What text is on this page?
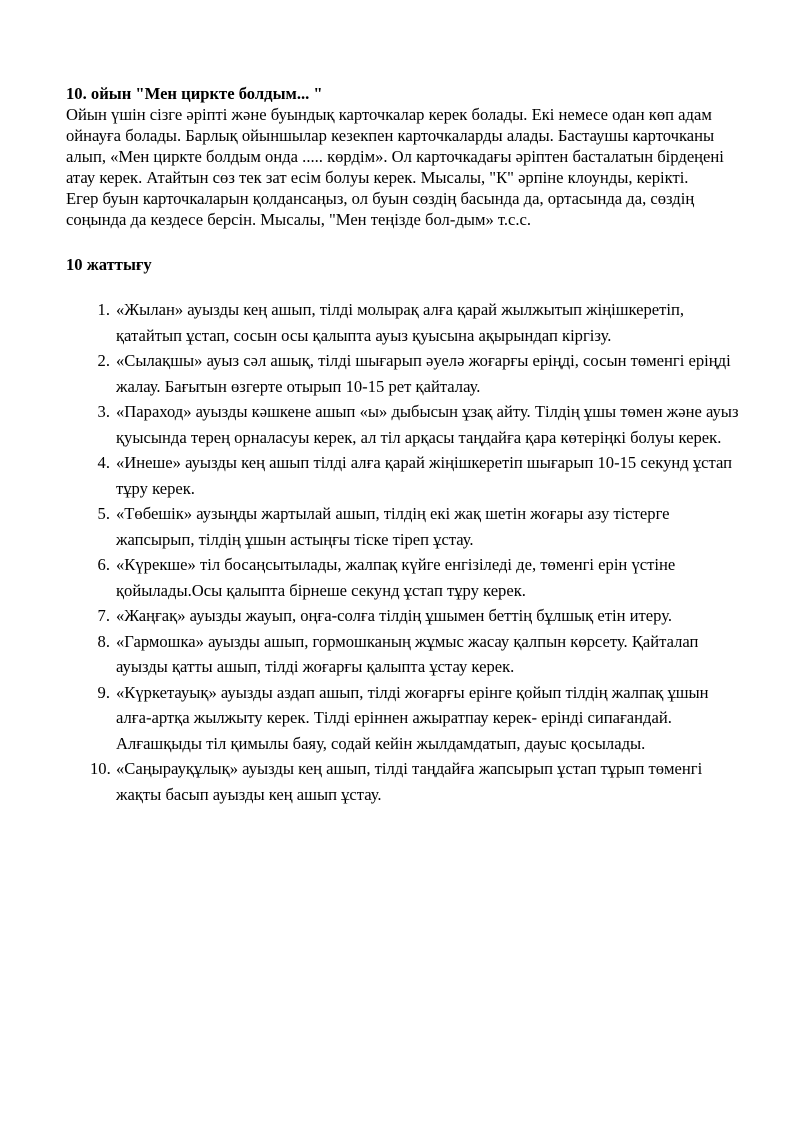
10. ойын "Мен циркте болдым... "

Ойын үшін сізге әріпті және буындық карточкалар керек болады. Екі немесе одан көп адам ойнауға болады. Барлық ойыншылар кезекпен карточкаларды алады. Бастаушы карточканы алып, «Мен циркте болдым онда ..... көрдім». Ол карточкадағы әріптен басталатын бірдеңені атау керек. Атайтын сөз тек зат есім болуы керек. Мысалы, "К" әрпіне клоунды, керікті.

Егер буын карточкаларын қолдансаңыз, ол буын сөздің басында да, ортасында да, сөздің соңында да кездесе берсін. Мысалы, "Мен теңізде бол-дым» т.с.с.

10 жаттығу

1. «Жылан» ауызды кең ашып, тілді молырақ алға қарай жылжытып жіңішкеретіп, қатайтып ұстап, сосын осы қалыпта ауыз қуысына ақырындап кіргізу.
2. «Сылақшы» ауыз сәл ашық, тілді шығарып әуелә жоғарғы еріңді, сосын төменгі еріңді жалау. Бағытын өзгерте отырып 10-15 рет қайталау.
3. «Параход» ауызды кәшкене ашып «ы» дыбысын ұзақ айту. Тілдің ұшы төмен және ауыз қуысында терең орналасуы керек, ал тіл арқасы таңдайға қара көтеріңкі болуы керек.
4. «Инеше» ауызды кең ашып тілді алға қарай жіңішкеретіп шығарып 10-15 секунд ұстап тұру керек.
5. «Төбешік» аузыңды жартылай ашып, тілдің екі жақ шетін жоғары азу тістерге жапсырып, тілдің ұшын астыңғы тіске тіреп ұстау.
6. «Күрекше» тіл босаңсытылады, жалпақ күйге енгізіледі де, төменгі ерін үстіне қойылады.Осы қалыпта бірнеше секунд ұстап тұру керек.
7. «Жаңғақ» ауызды жауып, оңға-солға тілдің ұшымен беттің бұлшық етін итеру.
8. «Гармошка» ауызды ашып, гормошканың жұмыс жасау қалпын көрсету. Қайталап ауызды қатты ашып, тілді жоғарғы қалыпта ұстау керек.
9. «Күркетауық» ауызды аздап ашып, тілді жоғарғы ерінге қойып тілдің жалпақ ұшын алға-артқа жылжыту керек. Тілді еріннен ажыратпау керек- ерінді сипағандай. Алғашқыды тіл қимылы баяу, содай кейін жылдамдатып, дауыс қосылады.
10. «Саңырауқұлық» ауызды кең ашып, тілді таңдайға жапсырып ұстап тұрып төменгі жақты басып ауызды кең ашып ұстау.
